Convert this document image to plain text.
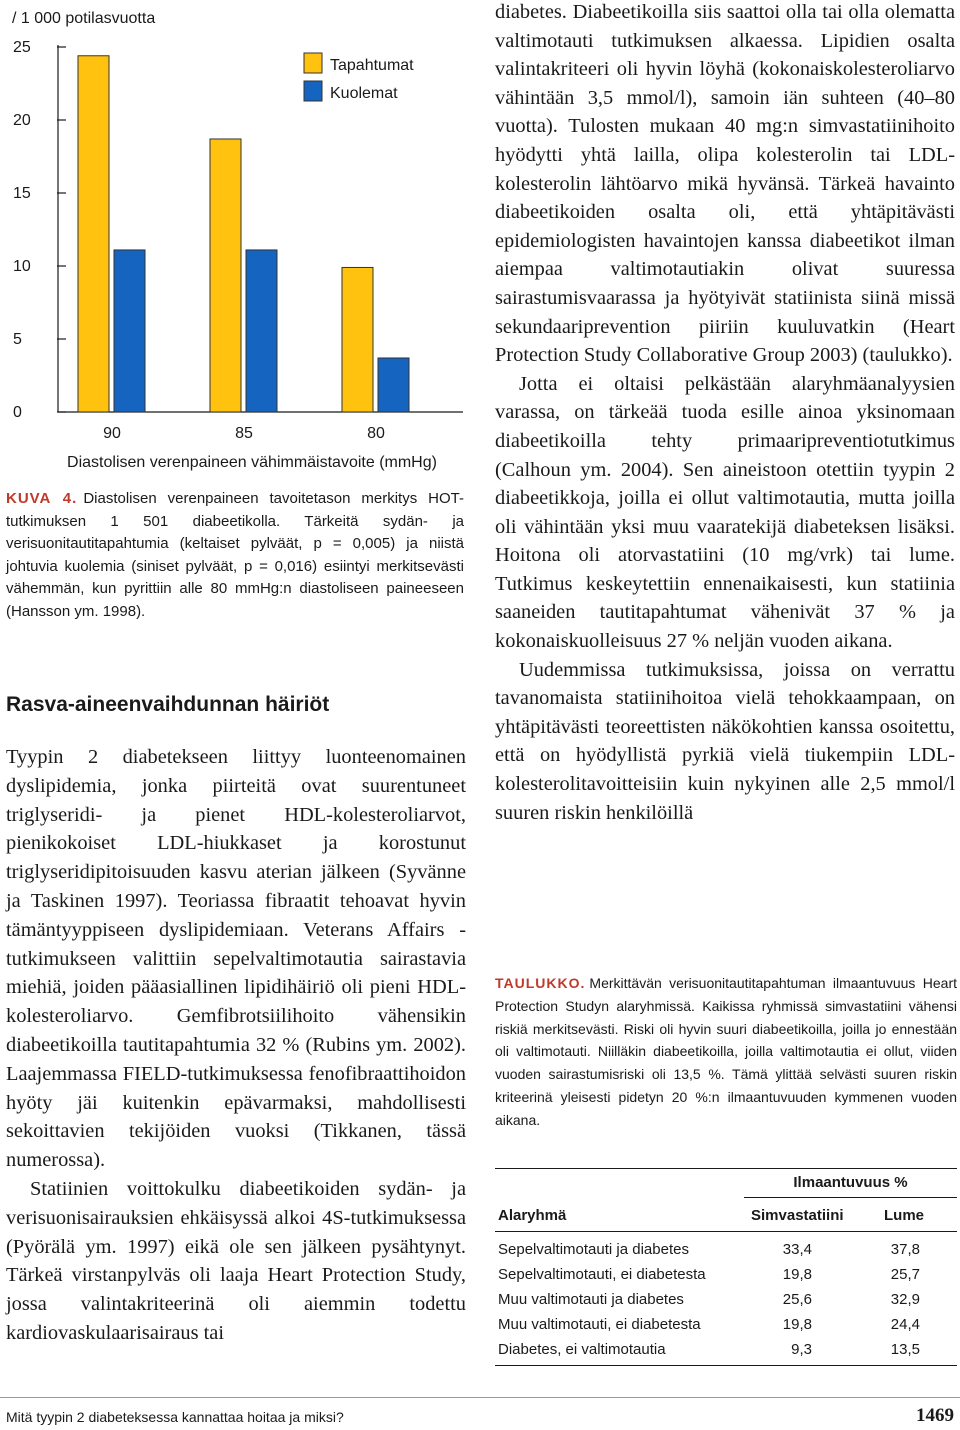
/ 1 000 potilasvuotta
0
5
10
15
20
25
90	85	80
Diastolisen verenpaineen vähimmäistavoite (mmHg)
Tapahtumat
Kuolemat
KUVA 4. Diastolisen verenpaineen tavoitetason merkitys HOT-tutkimuksen 1 501 diabeetikolla. Tärkeitä sydän- ja verisuonitautitapahtumia (keltaiset pylväät, p = 0,005) ja niistä johtuvia kuolemia (siniset pylväät, p = 0,016) esiintyi merkitsevästi vähemmän, kun pyrittiin alle 80 mmHg:n diastoliseen paineeseen (Hansson ym. 1998).
Rasva-aineenvaihdunnan häiriöt

Tyypin 2 diabetekseen liittyy luonteenomainen dyslipidemia, jonka piirteitä ovat suurentuneet triglyseridi- ja pienet HDL-kolesteroliarvot, pienikokoiset LDL-hiukkaset ja korostunut triglyseridipitoisuuden kasvu aterian jälkeen (Syvänne ja Taskinen 1997). Teoriassa fibraatit tehoavat hyvin tämäntyyppiseen dyslipidemiaan. Veterans Affairs -tutkimukseen valittiin sepelvaltimotautia sairastavia miehiä, joiden pääasiallinen lipidihäiriö oli pieni HDL-kolesteroliarvo. Gemfibrotsiilihoito vähensikin diabeetikoilla tautitapahtumia 32 % (Rubins ym. 2002). Laajemmassa FIELD-tutkimuksessa fenofibraattihoidon hyöty jäi kuitenkin epävarmaksi, mahdollisesti sekoittavien tekijöiden vuoksi (Tikkanen, tässä numerossa).

Statiinien voittokulku diabeetikoiden sydän- ja verisuonisairauksien ehkäisyssä alkoi 4S-tutkimuksessa (Pyörälä ym. 1997) eikä ole sen jälkeen pysähtynyt. Tärkeä virstanpylväs oli laaja Heart Protection Study, jossa valintakriteerinä oli aiemmin todettu kardiovaskulaarisairaus tai

diabetes. Diabeetikoilla siis saattoi olla tai olla olematta valtimotauti tutkimuksen alkaessa. Lipidien osalta valintakriteeri oli hyvin löyhä (kokonaiskolesteroliarvo vähintään 3,5 mmol/l), samoin iän suhteen (40–80 vuotta). Tulosten mukaan 40 mg:n simvastatiinihoito hyödytti yhtä lailla, olipa kolesterolin tai LDL-kolesterolin lähtöarvo mikä hyvänsä. Tärkeä havainto diabeetikoiden osalta oli, että yhtäpitävästi epidemiologisten havaintojen kanssa diabeetikot ilman aiempaa valtimotautiakin olivat suuressa sairastumisvaarassa ja hyötyivät statiinista siinä missä sekundaariprevention piiriin kuuluvatkin (Heart Protection Study Collaborative Group 2003) (taulukko).

Jotta ei oltaisi pelkästään alaryhmäanalyysien varassa, on tärkeää tuoda esille ainoa yksinomaan diabeetikoilla tehty primaaripreventiotutkimus (Calhoun ym. 2004). Sen aineistoon otettiin tyypin 2 diabeetikkoja, joilla ei ollut valtimotautia, mutta joilla oli vähintään yksi muu vaaratekijä diabeteksen lisäksi. Hoitona oli atorvastatiini (10 mg/vrk) tai lume. Tutkimus keskeytettiin ennenaikaisesti, kun statiinia saaneiden tautitapahtumat vähenivät 37 % ja kokonaiskuolleisuus 27 % neljän vuoden aikana.

Uudemmissa tutkimuksissa, joissa on verrattu tavanomaista statiinihoitoa vielä tehokkaampaan, on yhtäpitävästi teoreettisten näkökohtien kanssa osoitettu, että on hyödyllistä pyrkiä vielä tiukempiin LDL-kolesterolitavoitteisiin kuin nykyinen alle 2,5 mmol/l suuren riskin henkilöillä

TAULUKKO. Merkittävän verisuonitautitapahtuman ilmaantuvuus Heart Protection Studyn alaryhmissä. Kaikissa ryhmissä simvastatiini vähensi riskiä merkitsevästi. Riski oli hyvin suuri diabeetikoilla, joilla jo ennestään oli valtimotauti. Niilläkin diabeetikoilla, joilla valtimotautia ei ollut, viiden vuoden sairastumisriski oli 13,5 %. Tämä ylittää selvästi suuren riskin kriteerinä yleisesti pidetyn 20 %:n ilmaantuvuuden kymmenen vuoden aikana.
Ilmaantuvuus %
Alaryhmä	Simvastatiini	Lume
Sepelvaltimotauti ja diabetes	33,4	37,8
Sepelvaltimotauti, ei diabetesta	19,8	25,7
Muu valtimotauti ja diabetes	25,6	32,9
Muu valtimotauti, ei diabetesta	19,8	24,4
Diabetes, ei valtimotautia	9,3	13,5
Mitä tyypin 2 diabeteksessa kannattaa hoitaa ja miksi?	1469
